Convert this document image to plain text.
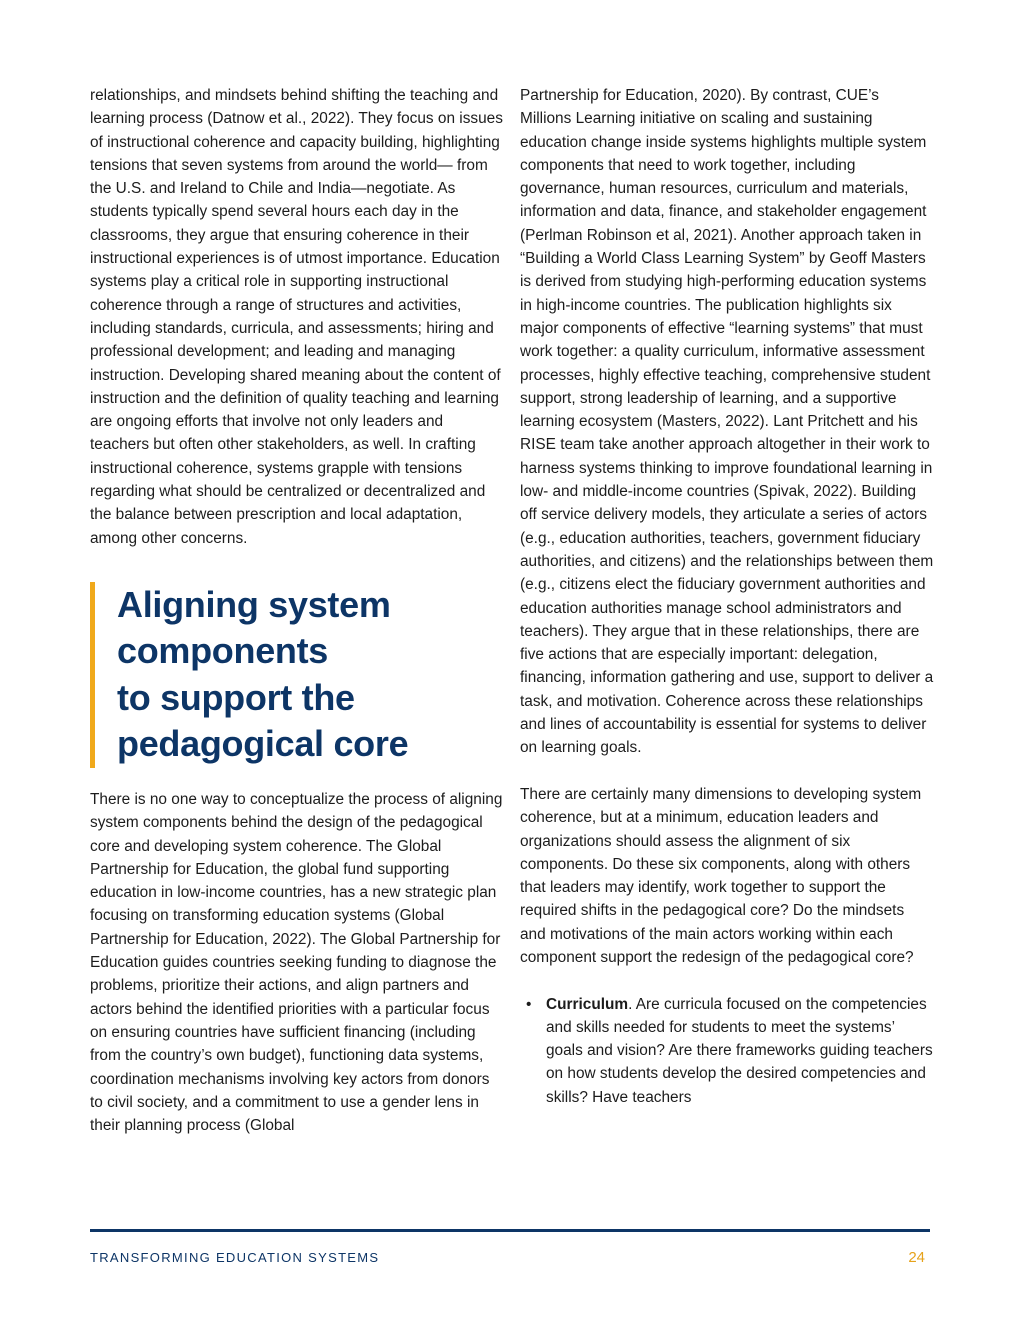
relationships, and mindsets behind shifting the teaching and learning process (Datnow et al., 2022). They focus on issues of instructional coherence and capacity building, highlighting tensions that seven systems from around the world— from the U.S. and Ireland to Chile and India—negotiate. As students typically spend several hours each day in the classrooms, they argue that ensuring coherence in their instructional experiences is of utmost importance. Education systems play a critical role in supporting instructional coherence through a range of structures and activities, including standards, curricula, and assessments; hiring and professional development; and leading and managing instruction. Developing shared meaning about the content of instruction and the definition of quality teaching and learning are ongoing efforts that involve not only leaders and teachers but often other stakeholders, as well. In crafting instructional coherence, systems grapple with tensions regarding what should be centralized or decentralized and the balance between prescription and local adaptation, among other concerns.

Aligning system
components
to support the
pedagogical core

There is no one way to conceptualize the process of aligning system components behind the design of the pedagogical core and developing system coherence. The Global Partnership for Education, the global fund supporting education in low-income countries, has a new strategic plan focusing on transforming education systems (Global Partnership for Education, 2022). The Global Partnership for Education guides countries seeking funding to diagnose the problems, prioritize their actions, and align partners and actors behind the identified priorities with a particular focus on ensuring countries have sufficient financing (including from the country’s own budget), functioning data systems, coordination mechanisms involving key actors from donors to civil society, and a commitment to use a gender lens in their planning process (Global

Partnership for Education, 2020). By contrast, CUE’s Millions Learning initiative on scaling and sustaining education change inside systems highlights multiple system components that need to work together, including governance, human resources, curriculum and materials, information and data, finance, and stakeholder engagement (Perlman Robinson et al, 2021). Another approach taken in “Building a World Class Learning System” by Geoff Masters is derived from studying high-performing education systems in high-income countries. The publication highlights six major components of effective “learning systems” that must work together: a quality curriculum, informative assessment processes, highly effective teaching, comprehensive student support, strong leadership of learning, and a supportive learning ecosystem (Masters, 2022). Lant Pritchett and his RISE team take another approach altogether in their work to harness systems thinking to improve foundational learning in low- and middle-income countries (Spivak, 2022). Building off service delivery models, they articulate a series of actors (e.g., education authorities, teachers, government fiduciary authorities, and citizens) and the relationships between them (e.g., citizens elect the fiduciary government authorities and education authorities manage school administrators and teachers). They argue that in these relationships, there are five actions that are especially important: delegation, financing, information gathering and use, support to deliver a task, and motivation. Coherence across these relationships and lines of accountability is essential for systems to deliver on learning goals.

There are certainly many dimensions to developing system coherence, but at a minimum, education leaders and organizations should assess the alignment of six components. Do these six components, along with others that leaders may identify, work together to support the required shifts in the pedagogical core? Do the mindsets and motivations of the main actors working within each component support the redesign of the pedagogical core?

• Curriculum. Are curricula focused on the competencies and skills needed for students to meet the systems’ goals and vision? Are there frameworks guiding teachers on how students develop the desired competencies and skills? Have teachers
TRANSFORMING EDUCATION SYSTEMS	24
